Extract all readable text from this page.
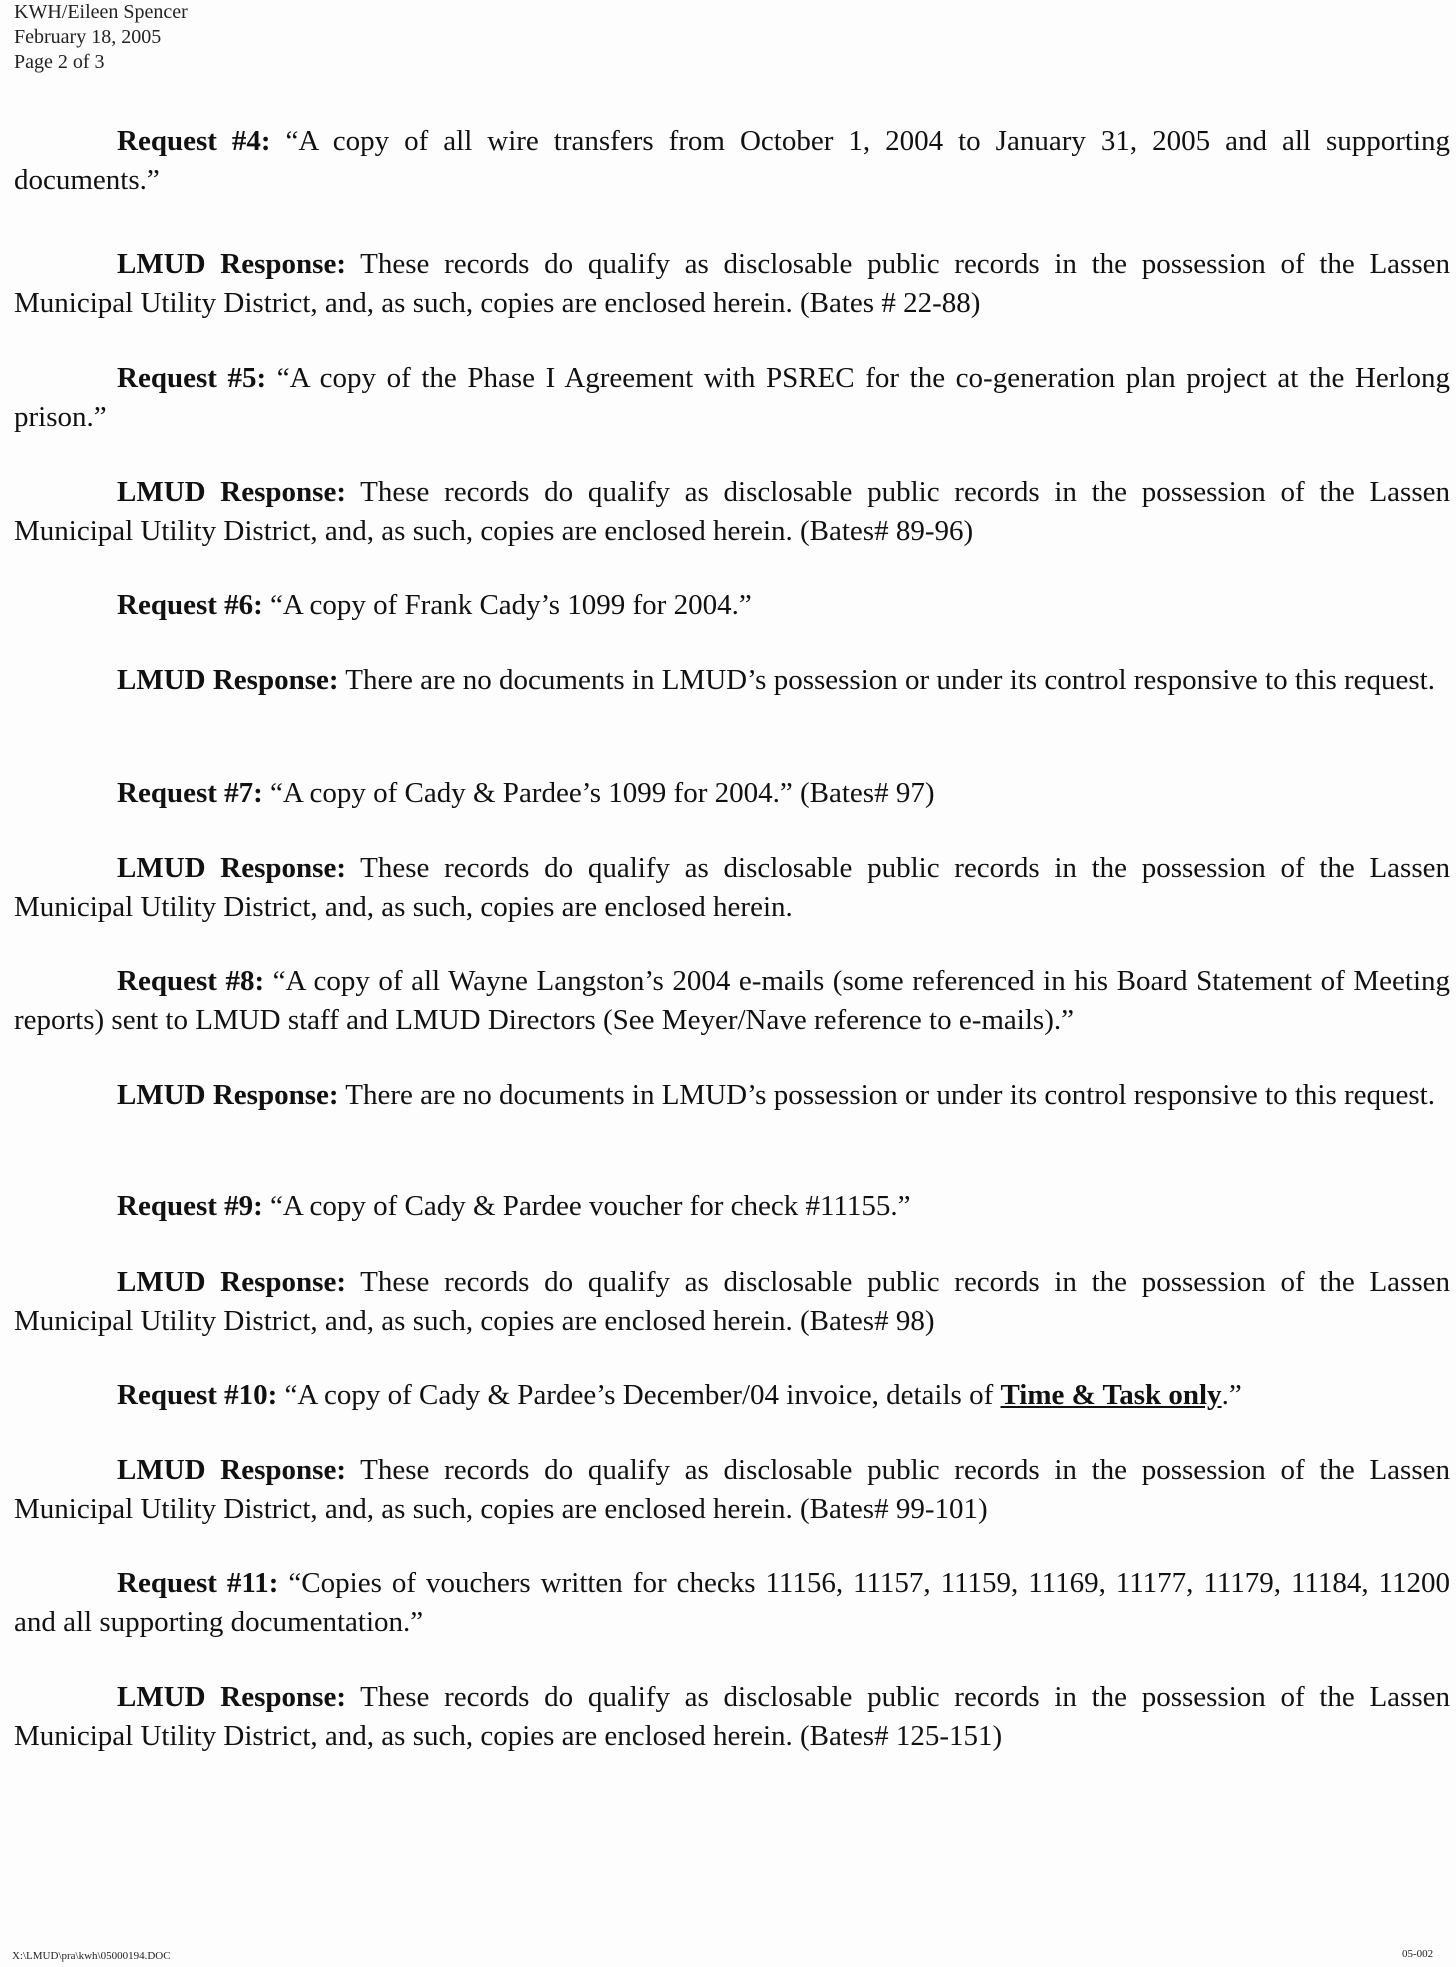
KWH/Eileen Spencer
February 18, 2005
Page 2 of 3
Request #4: “A copy of all wire transfers from October 1, 2004 to January 31, 2005 and all supporting documents.”
LMUD Response: These records do qualify as disclosable public records in the possession of the Lassen Municipal Utility District, and, as such, copies are enclosed herein. (Bates # 22-88)
Request #5: “A copy of the Phase I Agreement with PSREC for the co-generation plan project at the Herlong prison.”
LMUD Response: These records do qualify as disclosable public records in the possession of the Lassen Municipal Utility District, and, as such, copies are enclosed herein. (Bates# 89-96)
Request #6: “A copy of Frank Cady’s 1099 for 2004.”
LMUD Response: There are no documents in LMUD’s possession or under its control responsive to this request.
Request #7: “A copy of Cady & Pardee’s 1099 for 2004.” (Bates# 97)
LMUD Response: These records do qualify as disclosable public records in the possession of the Lassen Municipal Utility District, and, as such, copies are enclosed herein.
Request #8: “A copy of all Wayne Langston’s 2004 e-mails (some referenced in his Board Statement of Meeting reports) sent to LMUD staff and LMUD Directors (See Meyer/Nave reference to e-mails).”
LMUD Response: There are no documents in LMUD’s possession or under its control responsive to this request.
Request #9: “A copy of Cady & Pardee voucher for check #11155.”
LMUD Response: These records do qualify as disclosable public records in the possession of the Lassen Municipal Utility District, and, as such, copies are enclosed herein. (Bates# 98)
Request #10: “A copy of Cady & Pardee’s December/04 invoice, details of Time & Task only.”
LMUD Response: These records do qualify as disclosable public records in the possession of the Lassen Municipal Utility District, and, as such, copies are enclosed herein. (Bates# 99-101)
Request #11: “Copies of vouchers written for checks 11156, 11157, 11159, 11169, 11177, 11179, 11184, 11200 and all supporting documentation.”
LMUD Response: These records do qualify as disclosable public records in the possession of the Lassen Municipal Utility District, and, as such, copies are enclosed herein. (Bates# 125-151)
X:\LMUD\pra\kwh\05000194.DOC	05-002
